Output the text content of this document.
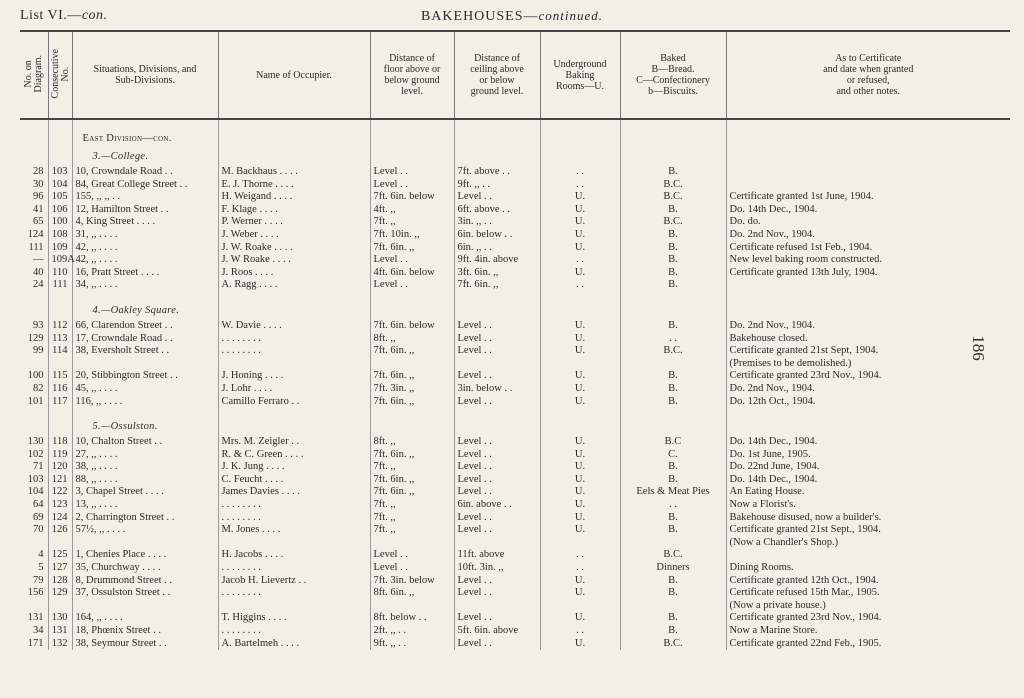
List VI.—con.	BAKEHOUSES—continued.
186
No. on
Diagram.	Consecutive
No.	Situations, Divisions, and
Sub-Divisions.	Name of Occupier.	Distance of
floor above or
below ground
level.	Distance of
ceiling above
or below
ground level.	Underground
Baking
Rooms—U.	Baked
B—Bread.
C—Confectionery
b—Biscuits.	As to Certificate
and date when granted
or refused,
and other notes.

		East Division—con.						
		3.—College.						
28	103	10, Crowndale Road . .	M. Backhaus . . . .	Level . .	7ft. above . .	. .	B.	
30	104	84, Great College Street . .	E. J. Thorne . . . .	Level . .	9ft. ,, . .	. .	B.C.	
96	105	155, ,, ,, . .	H. Weigand . . . .	7ft. 6in. below	Level . .	U.	B.C.	Certificate granted 1st June, 1904.
41	106	12, Hamilton Street . .	F. Klage . . . .	4ft. ,,	6ft. above . .	U.	B.	Do. 14th Dec., 1904.
65	100	4, King Street . . . .	P. Werner . . . .	7ft. ,,	3in. ,, . .	U.	B.C.	Do. do.
124	108	31, ,, . . . .	J. Weber . . . .	7ft. 10in. ,,	6in. below . .	U.	B.	Do. 2nd Nov., 1904.
111	109	42, ,, . . . .	J. W. Roake . . . .	7ft. 6in. ,,	6in. ,, . .	U.	B.	Certificate refused 1st Feb., 1904.
—	109A	42, ,, . . . .	J. W Roake . . . .	Level . .	9ft. 4in. above	. .	B.	New level baking room constructed.
40	110	16, Pratt Street . . . .	J. Roos . . . .	4ft. 6in. below	3ft. 6in. ,,	U.	B.	Certificate granted 13th July, 1904.
24	111	34, ,, . . . .	A. Ragg . . . .	Level . .	7ft. 6in. ,,	. .	B.	

		4.—Oakley Square.						
93	112	66, Clarendon Street . .	W. Davie . . . .	7ft. 6in. below	Level . .	U.	B.	Do. 2nd Nov., 1904.
129	113	17, Crowndale Road . .	. . . . . . . .	8ft. ,,	Level . .	U.	. .	Bakehouse closed.
99	114	38, Eversholt Street . .	. . . . . . . .	7ft. 6in. ,,	Level . .	U.	B.C.	Certificate granted 21st Sept, 1904.
(Premises to be demolished.)
100	115	20, Stibbington Street . .	J. Honing . . . .	7ft. 6in. ,,	Level . .	U.	B.	Certificate granted 23rd Nov., 1904.
82	116	45, ,, . . . .	J. Lohr . . . .	7ft. 3in. ,,	3in. below . .	U.	B.	Do. 2nd Nov., 1904.
101	117	116, ,, . . . .	Camillo Ferraro . .	7ft. 6in. ,,	Level . .	U.	B.	Do. 12th Oct., 1904.

		5.—Ossulston.						
130	118	10, Chalton Street . .	Mrs. M. Zeigler . .	8ft. ,,	Level . .	U.	B.C	Do. 14th Dec., 1904.
102	119	27, ,, . . . .	R. & C. Green . . . .	7ft. 6in. ,,	Level . .	U.	C.	Do. 1st June, 1905.
71	120	38, ,, . . . .	J. K. Jung . . . .	7ft. ,,	Level . .	U.	B.	Do. 22nd June, 1904.
103	121	88, ,, . . . .	C. Feucht . . . .	7ft. 6in. ,,	Level . .	U.	B.	Do. 14th Dec., 1904.
104	122	3, Chapel Street . . . .	James Davies . . . .	7ft. 6in. ,,	Level . .	U.	Eels & Meat Pies	An Eating House.
64	123	13, ,, . . . .	. . . . . . . .	7ft. ,,	6in. above . .	U.	. .	Now a Florist's.
69	124	2, Charrington Street . .	. . . . . . . .	7ft. ,,	Level . .	U.	B.	Bakehouse disused, now a builder's.
70	126	57½, ,, . . . .	M. Jones . . . .	7ft. ,,	Level . .	U.	B.	Certificate granted 21st Sept., 1904.
(Now a Chandler's Shop.)
4	125	1, Chenies Place . . . .	H. Jacobs . . . .	Level . .	11ft. above	. .	B.C.	
5	127	35, Churchway . . . .	. . . . . . . .	Level . .	10ft. 3in. ,,	. .	Dinners	Dining Rooms.
79	128	8, Drummond Street . .	Jacob H. Lievertz . .	7ft. 3in. below	Level . .	U.	B.	Certificate granted 12th Oct., 1904.
156	129	37, Ossulston Street . .	. . . . . . . .	8ft. 6in. ,,	Level . .	U.	B.	Certificate refused 15th Mar., 1905.
(Now a private house.)
131	130	164, ,, . . . .	T. Higgins . . . .	8ft. below . .	Level . .	U.	B.	Certificate granted 23rd Nov., 1904.
34	131	18, Phœnix Street . .	. . . . . . . .	2ft. ,, . .	5ft. 6in. above	. .	B.	Now a Marine Store.
171	132	38, Seymour Street . .	A. Bartelmeh . . . .	9ft. ,, . .	Level . .	U.	B.C.	Certificate granted 22nd Feb., 1905.
